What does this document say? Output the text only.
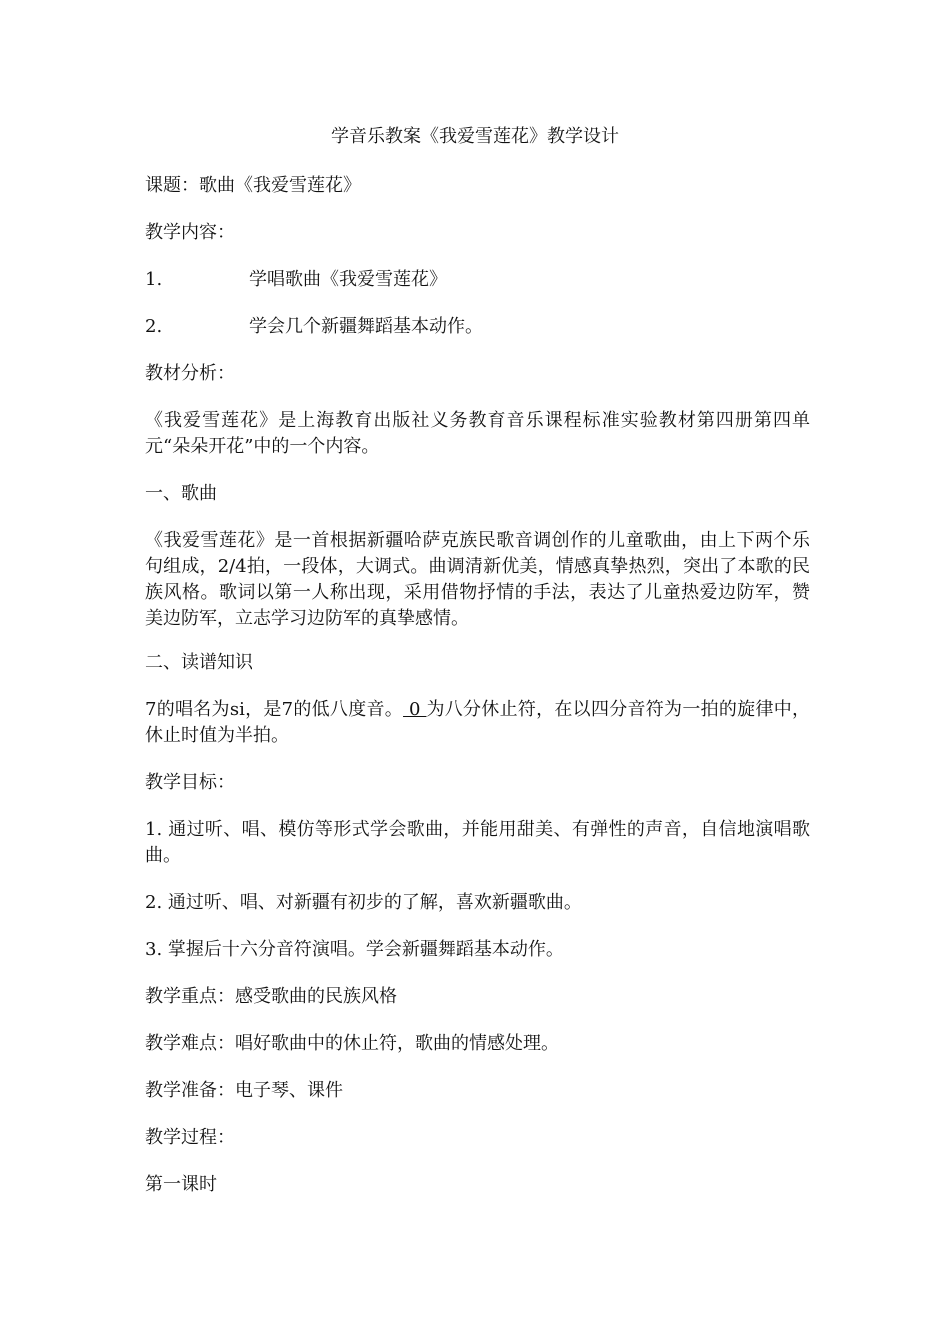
学音乐教案《我爱雪莲花》教学设计

课题：歌曲《我爱雪莲花》

教学内容：

1.	学唱歌曲《我爱雪莲花》
2.	学会几个新疆舞蹈基本动作。

教材分析：

《我爱雪莲花》是上海教育出版社义务教育音乐课程标准实验教材第四册第四单元“朵朵开花”中的一个内容。

一、歌曲

《我爱雪莲花》是一首根据新疆哈萨克族民歌音调创作的儿童歌曲，由上下两个乐句组成，2/4拍，一段体，大调式。曲调清新优美，情感真挚热烈，突出了本歌的民族风格。歌词以第一人称出现，采用借物抒情的手法，表达了儿童热爱边防军，赞美边防军，立志学习边防军的真挚感情。

二、读谱知识

7的唱名为si，是7的低八度音。 0 为八分休止符，在以四分音符为一拍的旋律中，休止时值为半拍。

教学目标：

1. 通过听、唱、模仿等形式学会歌曲，并能用甜美、有弹性的声音，自信地演唱歌曲。

2. 通过听、唱、对新疆有初步的了解，喜欢新疆歌曲。

3. 掌握后十六分音符演唱。学会新疆舞蹈基本动作。

教学重点：感受歌曲的民族风格

教学难点：唱好歌曲中的休止符，歌曲的情感处理。

教学准备：电子琴、课件

教学过程：

第一课时
